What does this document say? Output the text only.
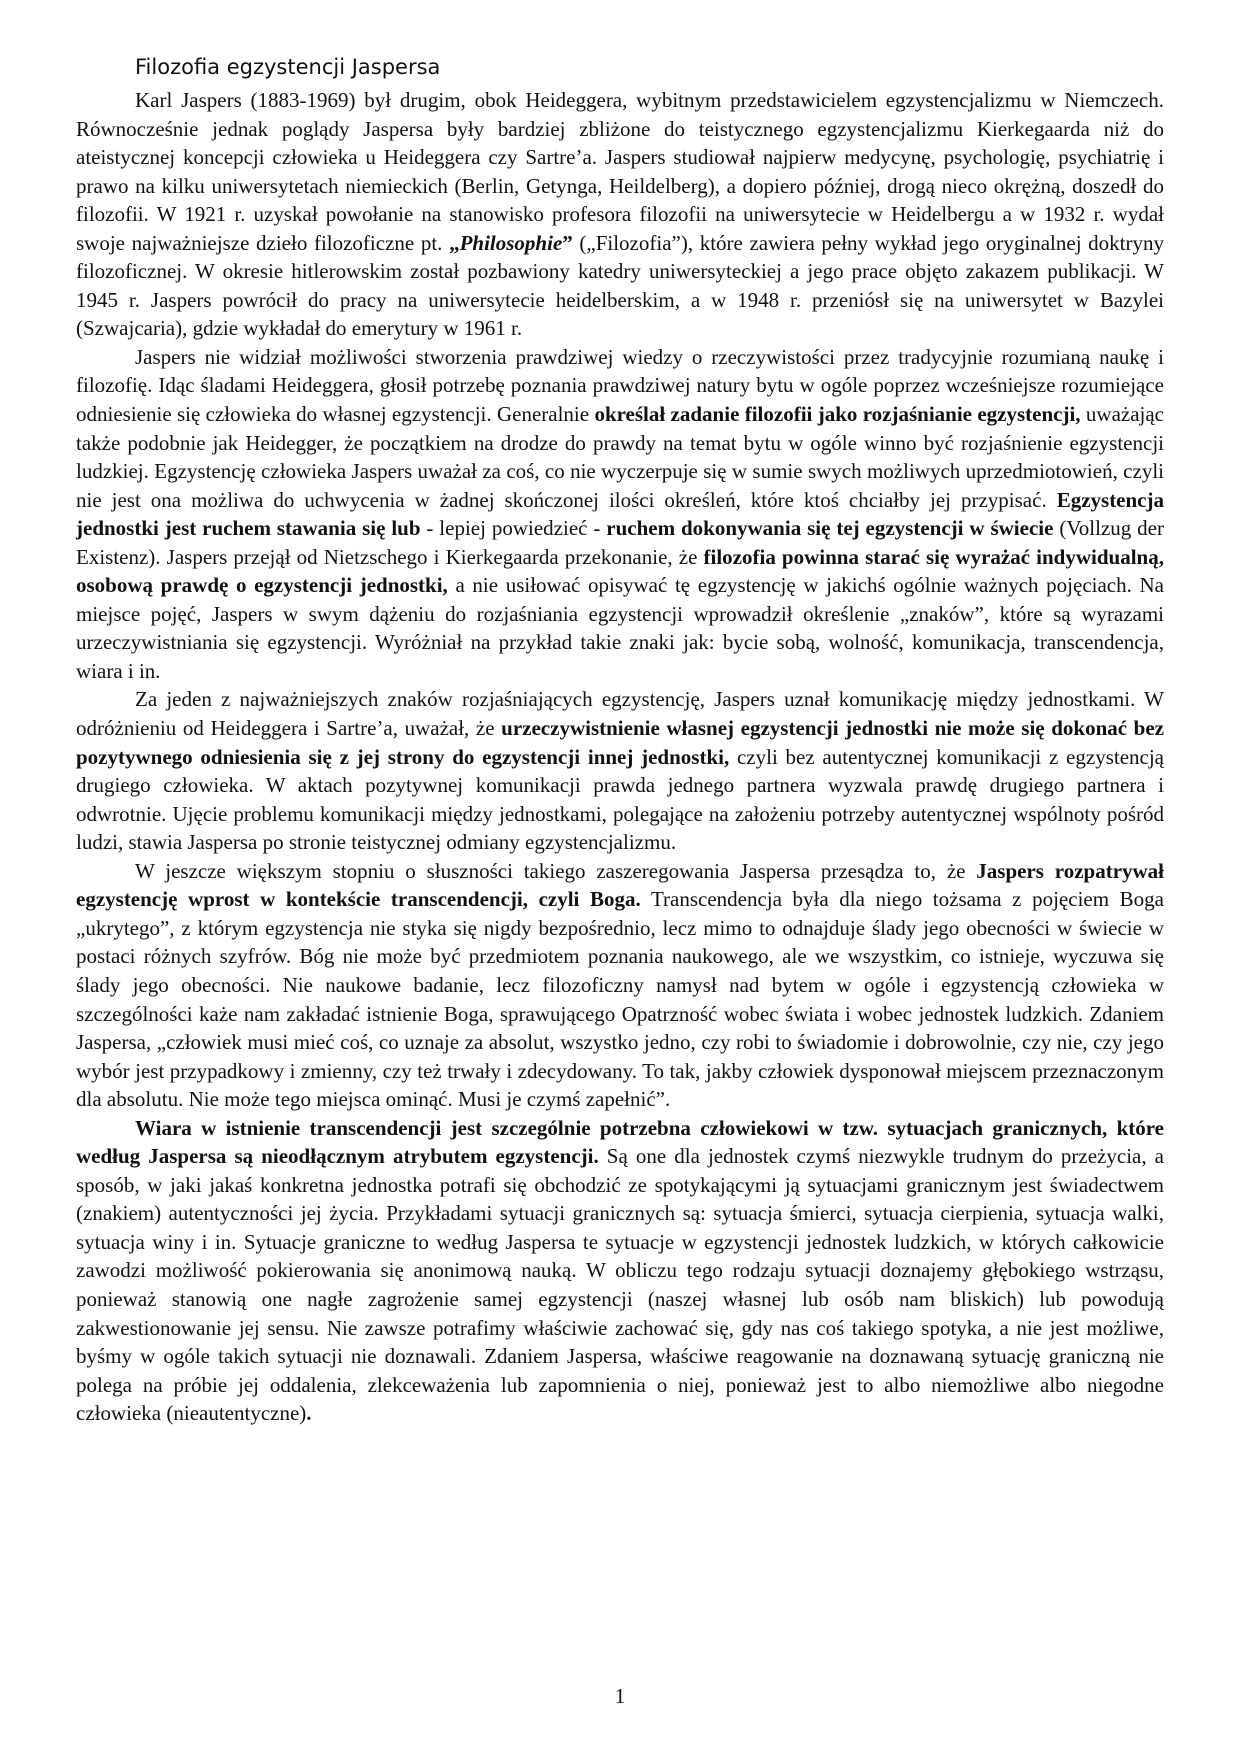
Filozofia egzystencji Jaspersa

Karl Jaspers (1883-1969) był drugim, obok Heideggera, wybitnym przedstawicielem egzystencjalizmu w Niemczech. Równocześnie jednak poglądy Jaspersa były bardziej zbliżone do teistycznego egzystencjalizmu Kierkegaarda niż do ateistycznej koncepcji człowieka u Heideggera czy Sartre’a. Jaspers studiował najpierw medycynę, psychologię, psychiatrię i prawo na kilku uniwersytetach niemieckich (Berlin, Getynga, Heildelberg), a dopiero później, drogą nieco okrężną, doszedł do filozofii. W 1921 r. uzyskał powołanie na stanowisko profesora filozofii na uniwersytecie w Heidelbergu a w 1932 r. wydał swoje najważniejsze dzieło filozoficzne pt. „Philosophie” („Filozofia”), które zawiera pełny wykład jego oryginalnej doktryny filozoficznej. W okresie hitlerowskim został pozbawiony katedry uniwersyteckiej a jego prace objęto zakazem publikacji. W 1945 r. Jaspers powrócił do pracy na uniwersytecie heidelberskim, a w 1948 r. przeniósł się na uniwersytet w Bazylei (Szwajcaria), gdzie wykładał do emerytury w 1961 r.

Jaspers nie widział możliwości stworzenia prawdziwej wiedzy o rzeczywistości przez tradycyjnie rozumianą naukę i filozofię. Idąc śladami Heideggera, głosił potrzebę poznania prawdziwej natury bytu w ogóle poprzez wcześniejsze rozumiejące odniesienie się człowieka do własnej egzystencji. Generalnie określał zadanie filozofii jako rozjaśnianie egzystencji, uważając także podobnie jak Heidegger, że początkiem na drodze do prawdy na temat bytu w ogóle winno być rozjaśnienie egzystencji ludzkiej. Egzystencję człowieka Jaspers uważał za coś, co nie wyczerpuje się w sumie swych możliwych uprzedmiotowień, czyli nie jest ona możliwa do uchwycenia w żadnej skończonej ilości określeń, które ktoś chciałby jej przypisać. Egzystencja jednostki jest ruchem stawania się lub - lepiej powiedzieć - ruchem dokonywania się tej egzystencji w świecie (Vollzug der Existenz). Jaspers przejął od Nietzschego i Kierkegaarda przekonanie, że filozofia powinna starać się wyrażać indywidualną, osobową prawdę o egzystencji jednostki, a nie usiłować opisywać tę egzystencję w jakichś ogólnie ważnych pojęciach. Na miejsce pojęć, Jaspers w swym dążeniu do rozjaśniania egzystencji wprowadził określenie „znaków”, które są wyrazami urzeczywistniania się egzystencji. Wyróżniał na przykład takie znaki jak: bycie sobą, wolność, komunikacja, transcendencja, wiara i in.

Za jeden z najważniejszych znaków rozjaśniających egzystencję, Jaspers uznał komunikację między jednostkami. W odróżnieniu od Heideggera i Sartre’a, uważał, że urzeczywistnienie własnej egzystencji jednostki nie może się dokonać bez pozytywnego odniesienia się z jej strony do egzystencji innej jednostki, czyli bez autentycznej komunikacji z egzystencją drugiego człowieka. W aktach pozytywnej komunikacji prawda jednego partnera wyzwala prawdę drugiego partnera i odwrotnie. Ujęcie problemu komunikacji między jednostkami, polegające na założeniu potrzeby autentycznej wspólnoty pośród ludzi, stawia Jaspersa po stronie teistycznej odmiany egzystencjalizmu.

W jeszcze większym stopniu o słuszności takiego zaszeregowania Jaspersa przesądza to, że Jaspers rozpatrywał egzystencję wprost w kontekście transcendencji, czyli Boga. Transcendencja była dla niego tożsama z pojęciem Boga „ukrytego”, z którym egzystencja nie styka się nigdy bezpośrednio, lecz mimo to odnajduje ślady jego obecności w świecie w postaci różnych szyfrów. Bóg nie może być przedmiotem poznania naukowego, ale we wszystkim, co istnieje, wyczuwa się ślady jego obecności. Nie naukowe badanie, lecz filozoficzny namysł nad bytem w ogóle i egzystencją człowieka w szczególności każe nam zakładać istnienie Boga, sprawującego Opatrzność wobec świata i wobec jednostek ludzkich. Zdaniem Jaspersa, „człowiek musi mieć coś, co uznaje za absolut, wszystko jedno, czy robi to świadomie i dobrowolnie, czy nie, czy jego wybór jest przypadkowy i zmienny, czy też trwały i zdecydowany. To tak, jakby człowiek dysponował miejscem przeznaczonym dla absolutu. Nie może tego miejsca ominąć. Musi je czymś zapełnić”.

Wiara w istnienie transcendencji jest szczególnie potrzebna człowiekowi w tzw. sytuacjach granicznych, które według Jaspersa są nieodłącznym atrybutem egzystencji. Są one dla jednostek czymś niezwykle trudnym do przeżycia, a sposób, w jaki jakaś konkretna jednostka potrafi się obchodzić ze spotykającymi ją sytuacjami granicznym jest świadectwem (znakiem) autentyczności jej życia. Przykładami sytuacji granicznych są: sytuacja śmierci, sytuacja cierpienia, sytuacja walki, sytuacja winy i in. Sytuacje graniczne to według Jaspersa te sytuacje w egzystencji jednostek ludzkich, w których całkowicie zawodzi możliwość pokierowania się anonimową nauką. W obliczu tego rodzaju sytuacji doznajemy głębokiego wstrząsu, ponieważ stanowią one nagłe zagrożenie samej egzystencji (naszej własnej lub osób nam bliskich) lub powodują zakwestionowanie jej sensu. Nie zawsze potrafimy właściwie zachować się, gdy nas coś takiego spotyka, a nie jest możliwe, byśmy w ogóle takich sytuacji nie doznawali. Zdaniem Jaspersa, właściwe reagowanie na doznawaną sytuację graniczną nie polega na próbie jej oddalenia, zlekceważenia lub zapomnienia o niej, ponieważ jest to albo niemożliwe albo niegodne człowieka (nieautentyczne).

1
